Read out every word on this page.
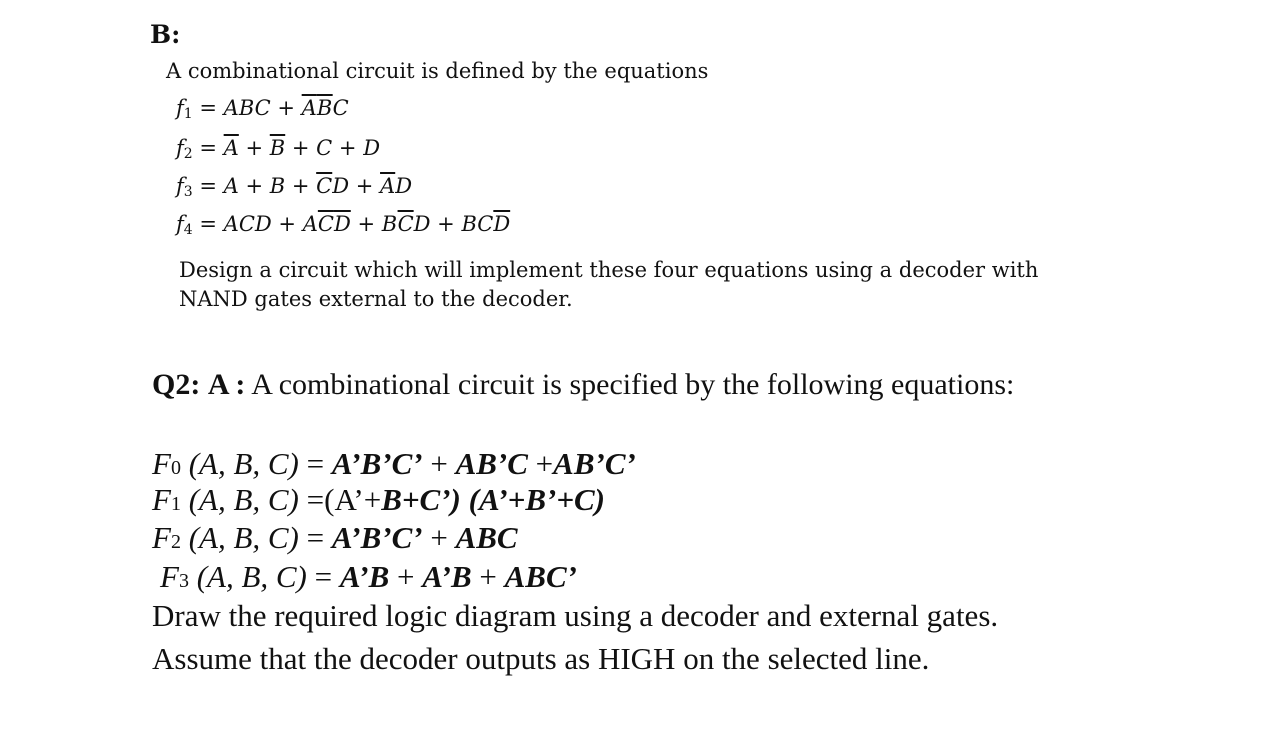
B:
A combinational circuit is defined by the equations
$f_1$ = ABC + $\overline{A}\overline{B}C$
$f_2 = \overline{A} + \overline{B} + C + D$
$f_3 = A + B + \overline{C}D + \overline{A}D$
$f_4$ = ACD + $A\overline{C}\overline{D} + B\overline{C}D + BC\overline{D}$
Design a circuit which will implement these four equations using a decoder with
NAND gates external to the decoder.
Q2: A : A combinational circuit is specified by the following equations:
F0 (A, B, C) = A’B’C’ + AB’C +AB’C’
F1 (A, B, C) =(A’+B+C’) (A’+B’+C)
F2 (A, B, C) = A’B’C’ + ABC
F3 (A, B, C) = A’B + A’B + ABC’
Draw the required logic diagram using a decoder and external gates.
Assume that the decoder outputs as HIGH on the selected line.
